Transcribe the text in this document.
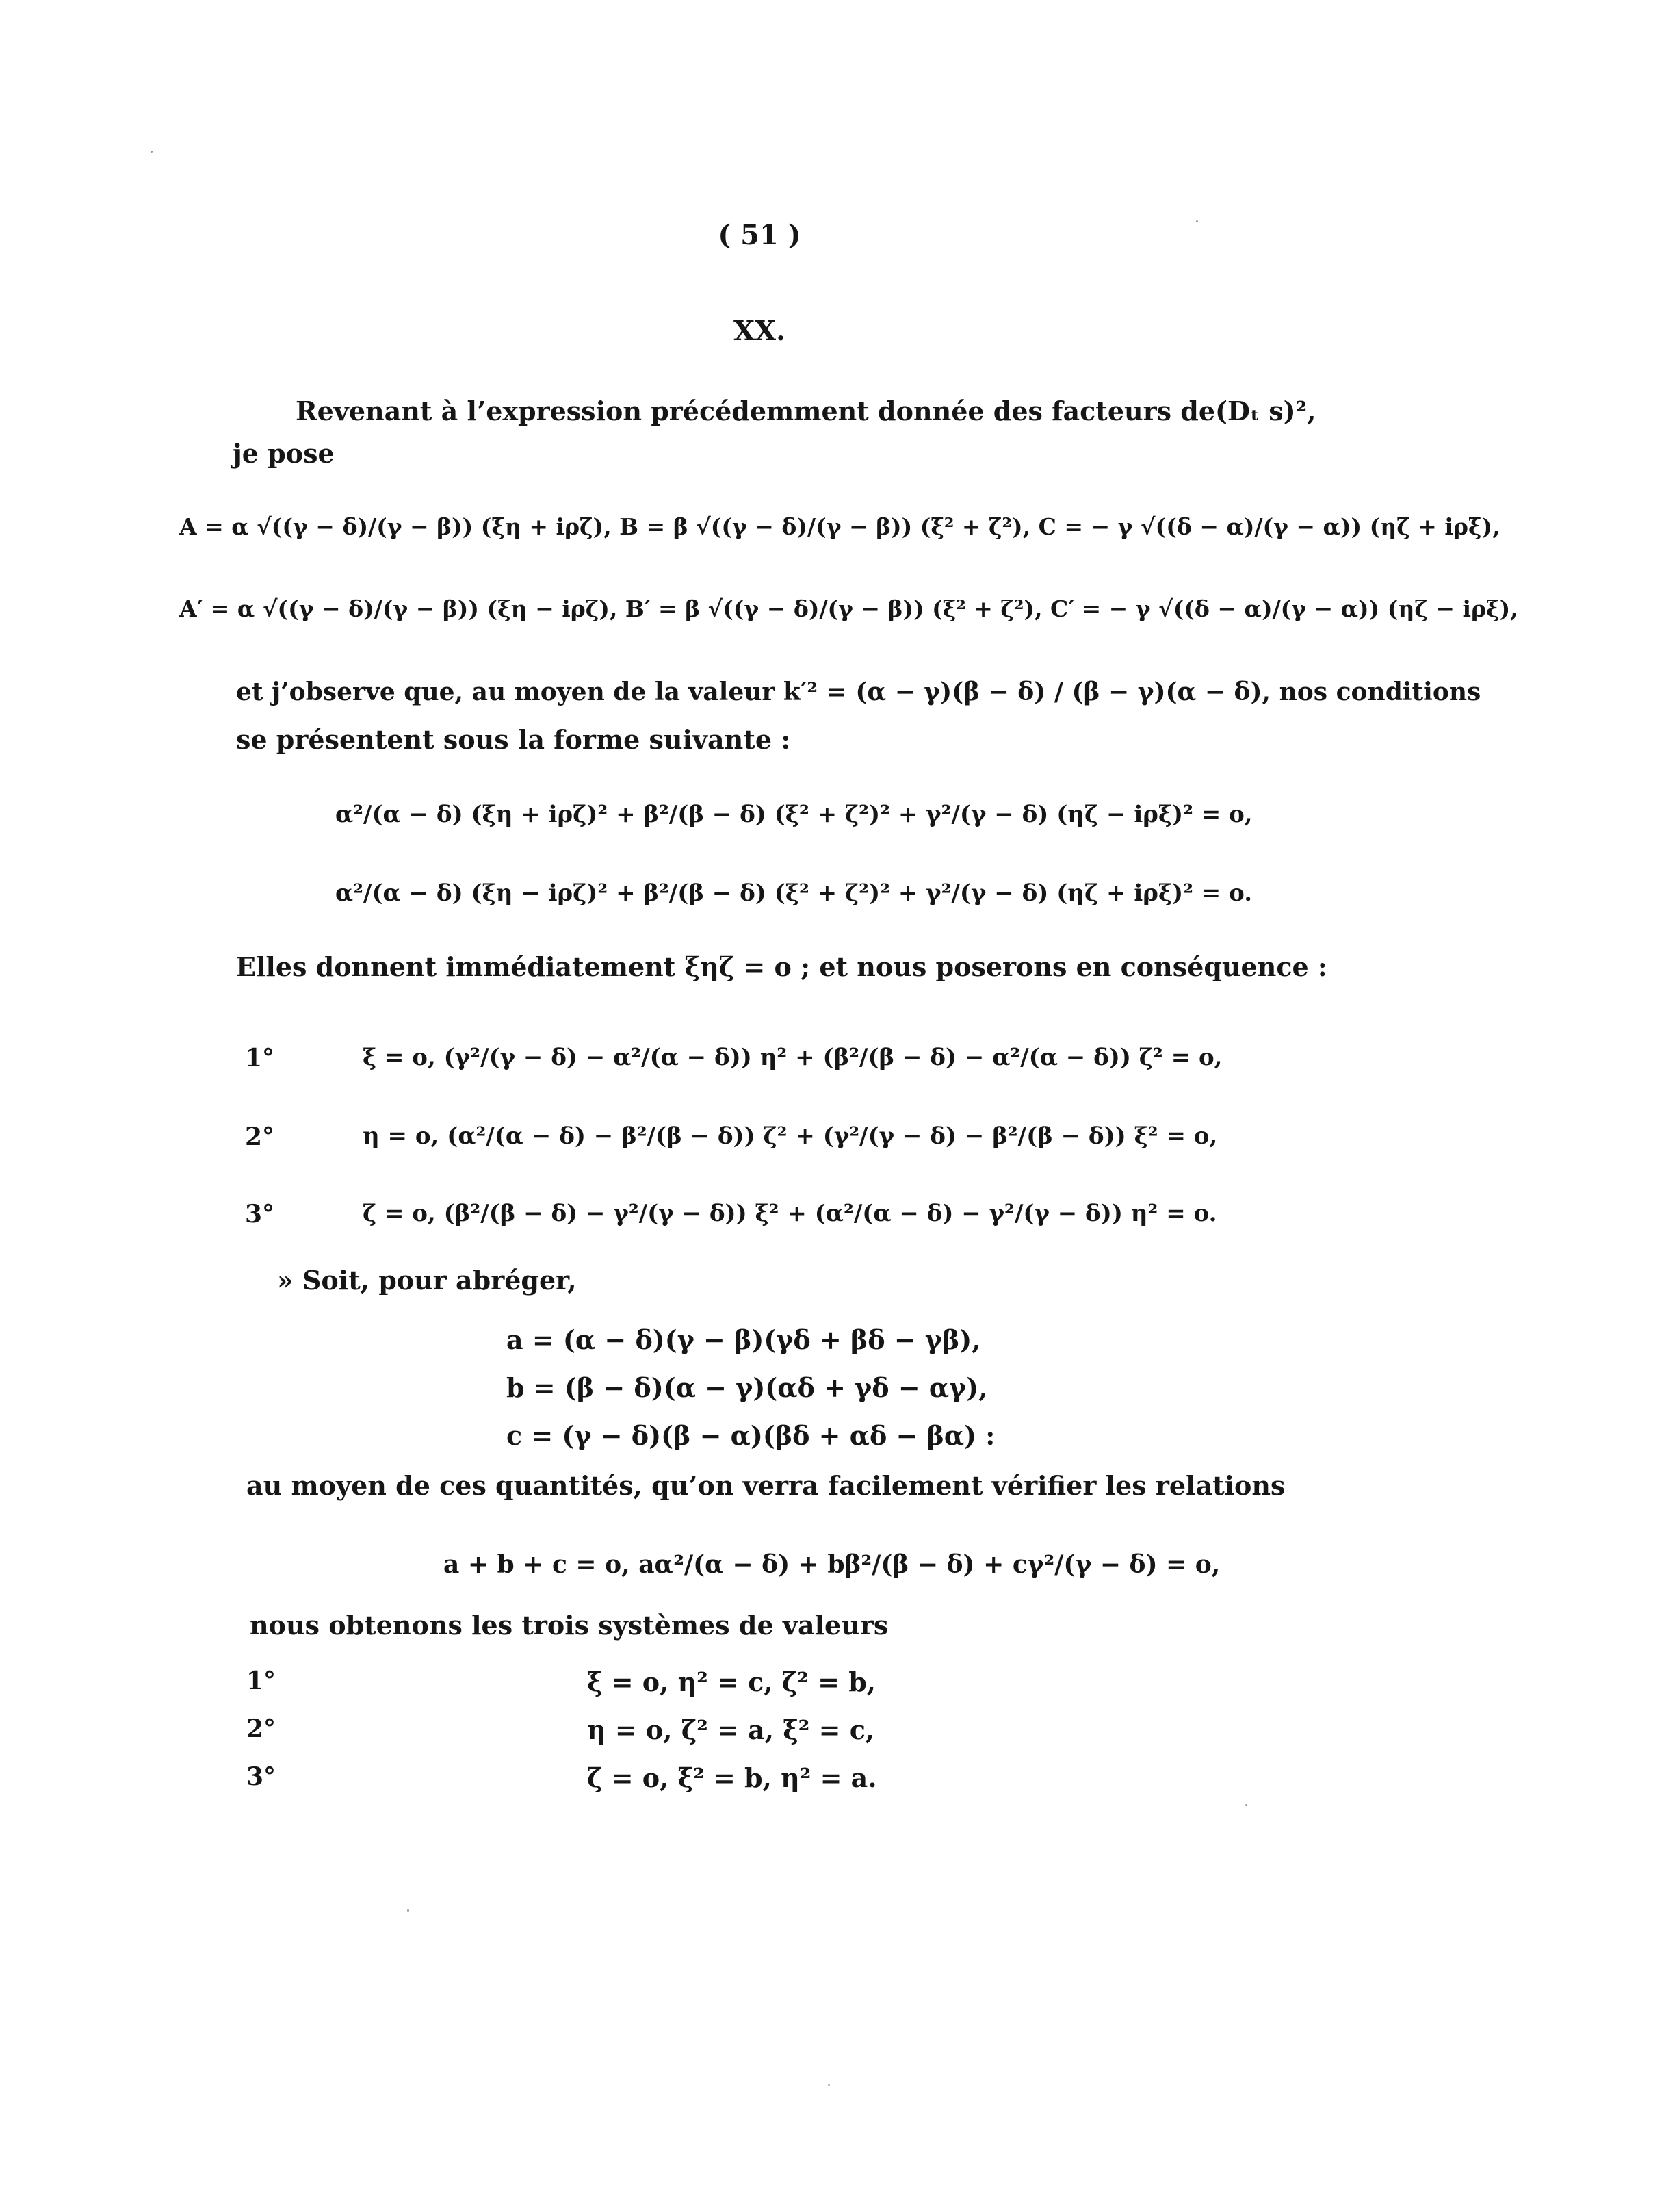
( 51 )
XX.
Revenant à l’expression précédemment donnée des facteurs de(Dₜ s)²,
je pose
A = α √((γ − δ)/(γ − β)) (ξη + iρζ), B = β √((γ − δ)/(γ − β)) (ξ² + ζ²), C = − γ √((δ − α)/(γ − α)) (ηζ + iρξ),
A′ = α √((γ − δ)/(γ − β)) (ξη − iρζ), B′ = β √((γ − δ)/(γ − β)) (ξ² + ζ²), C′ = − γ √((δ − α)/(γ − α)) (ηζ − iρξ),
et j’observe que, au moyen de la valeur k′² = (α − γ)(β − δ) / (β − γ)(α − δ), nos conditions
se présentent sous la forme suivante :
α²/(α − δ) (ξη + iρζ)² + β²/(β − δ) (ξ² + ζ²)² + γ²/(γ − δ) (ηζ − iρξ)² = o,
α²/(α − δ) (ξη − iρζ)² + β²/(β − δ) (ξ² + ζ²)² + γ²/(γ − δ) (ηζ + iρξ)² = o.
Elles donnent immédiatement ξηζ = o ; et nous poserons en conséquence :
1°	ξ = o, (γ²/(γ − δ) − α²/(α − δ)) η² + (β²/(β − δ) − α²/(α − δ)) ζ² = o,
2°	η = o, (α²/(α − δ) − β²/(β − δ)) ζ² + (γ²/(γ − δ) − β²/(β − δ)) ξ² = o,
3°	ζ = o, (β²/(β − δ) − γ²/(γ − δ)) ξ² + (α²/(α − δ) − γ²/(γ − δ)) η² = o.
» Soit, pour abréger,
a = (α − δ)(γ − β)(γδ + βδ − γβ),
b = (β − δ)(α − γ)(αδ + γδ − αγ),
c = (γ − δ)(β − α)(βδ + αδ − βα) :
au moyen de ces quantités, qu’on verra facilement vérifier les relations
a + b + c = o, aα²/(α − δ) + bβ²/(β − δ) + cγ²/(γ − δ) = o,
nous obtenons les trois systèmes de valeurs
1°	ξ = o, η² = c, ζ² = b,
2°	η = o, ζ² = a, ξ² = c,
3°	ζ = o, ξ² = b, η² = a.
